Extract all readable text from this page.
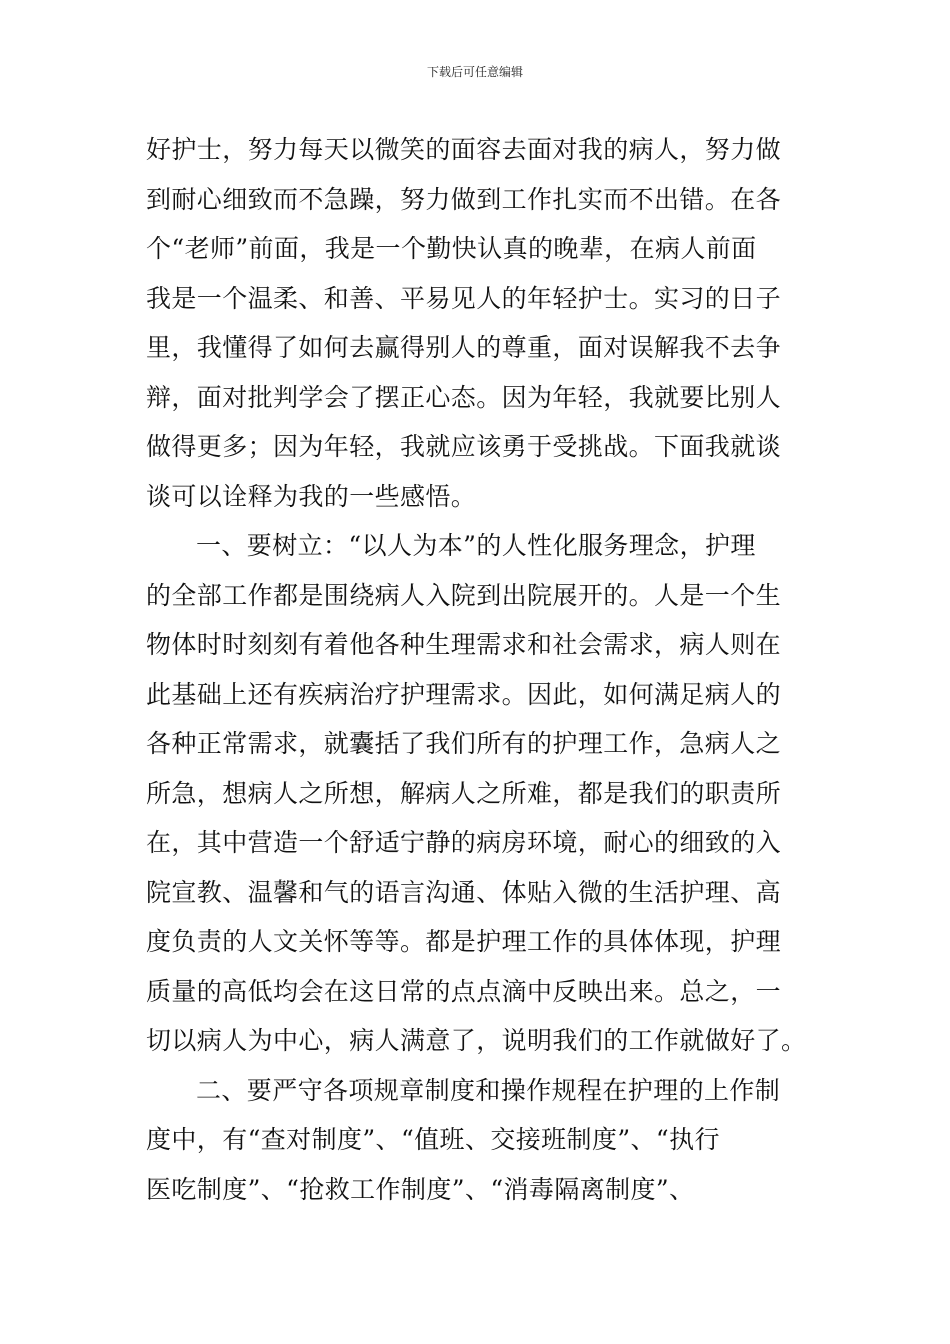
下载后可任意编辑
好护士，努力每天以微笑的面容去面对我的病人，努力做
到耐心细致而不急躁，努力做到工作扎实而不出错。在各
个“老师”前面，我是一个勤快认真的晚辈，在病人前面
我是一个温柔、和善、平易见人的年轻护士。实习的日子
里，我懂得了如何去赢得别人的尊重，面对误解我不去争
辩，面对批判学会了摆正心态。因为年轻，我就要比别人
做得更多；因为年轻，我就应该勇于受挑战。下面我就谈
谈可以诠释为我的一些感悟。
一、要树立：“以人为本”的人性化服务理念，护理
的全部工作都是围绕病人入院到出院展开的。人是一个生
物体时时刻刻有着他各种生理需求和社会需求，病人则在
此基础上还有疾病治疗护理需求。因此，如何满足病人的
各种正常需求，就囊括了我们所有的护理工作，急病人之
所急，想病人之所想，解病人之所难，都是我们的职责所
在，其中营造一个舒适宁静的病房环境，耐心的细致的入
院宣教、温馨和气的语言沟通、体贴入微的生活护理、高
度负责的人文关怀等等。都是护理工作的具体体现，护理
质量的高低均会在这日常的点点滴中反映出来。总之，一
切以病人为中心，病人满意了，说明我们的工作就做好了。
二、要严守各项规章制度和操作规程在护理的上作制
度中，有“查对制度”、“值班、交接班制度”、“执行
医吃制度”、“抢救工作制度”、“消毒隔离制度”、
